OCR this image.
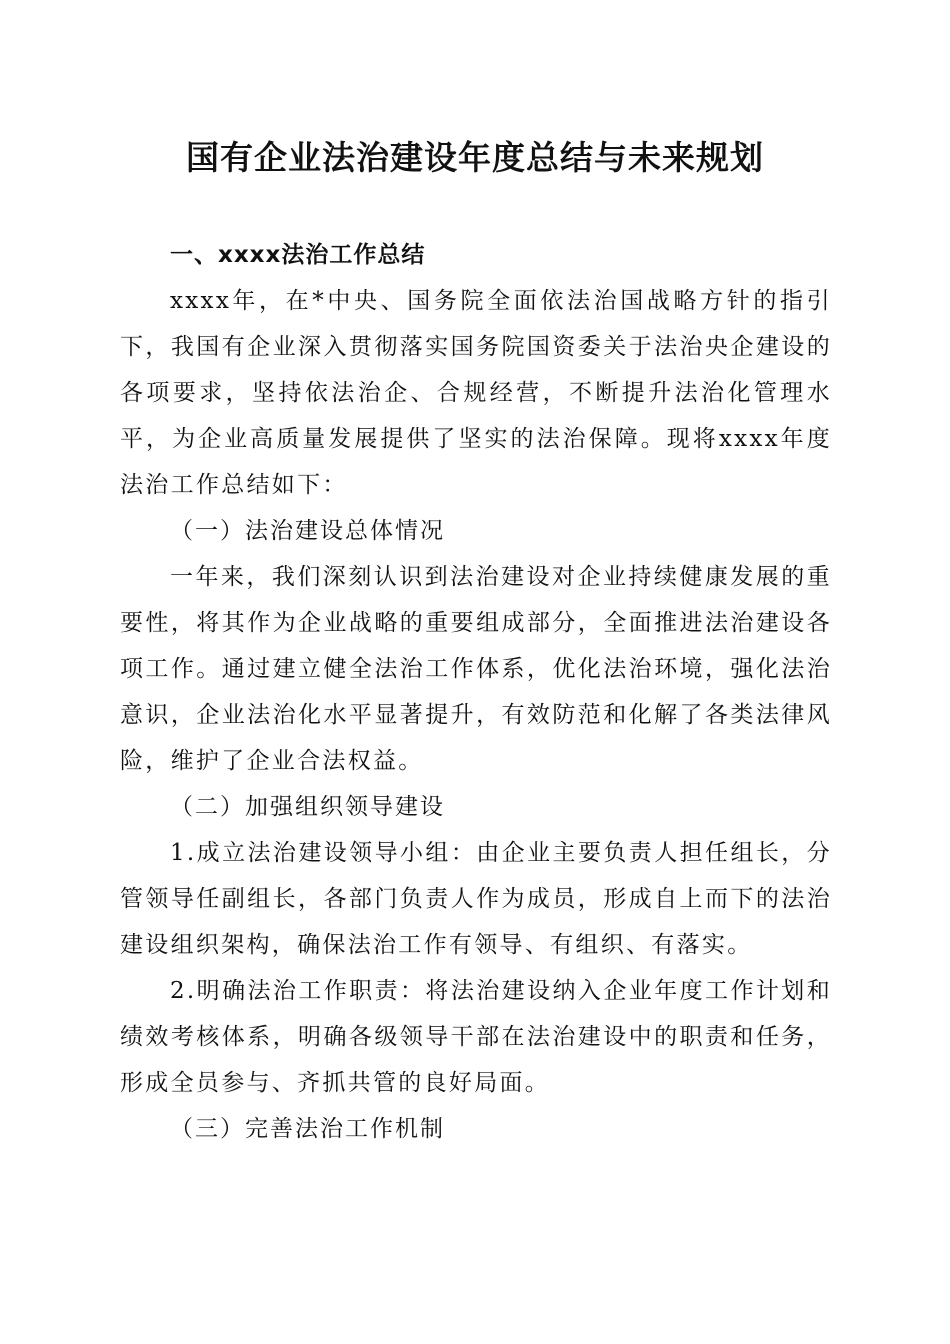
国有企业法治建设年度总结与未来规划

一、xxxx法治工作总结

xxxx年，在*中央、国务院全面依法治国战略方针的指引下，我国有企业深入贯彻落实国务院国资委关于法治央企建设的各项要求，坚持依法治企、合规经营，不断提升法治化管理水平，为企业高质量发展提供了坚实的法治保障。现将xxxx年度法治工作总结如下：

（一）法治建设总体情况

一年来，我们深刻认识到法治建设对企业持续健康发展的重要性，将其作为企业战略的重要组成部分，全面推进法治建设各项工作。通过建立健全法治工作体系，优化法治环境，强化法治意识，企业法治化水平显著提升，有效防范和化解了各类法律风险，维护了企业合法权益。

（二）加强组织领导建设

1.成立法治建设领导小组：由企业主要负责人担任组长，分管领导任副组长，各部门负责人作为成员，形成自上而下的法治建设组织架构，确保法治工作有领导、有组织、有落实。

2.明确法治工作职责：将法治建设纳入企业年度工作计划和绩效考核体系，明确各级领导干部在法治建设中的职责和任务，形成全员参与、齐抓共管的良好局面。

（三）完善法治工作机制
